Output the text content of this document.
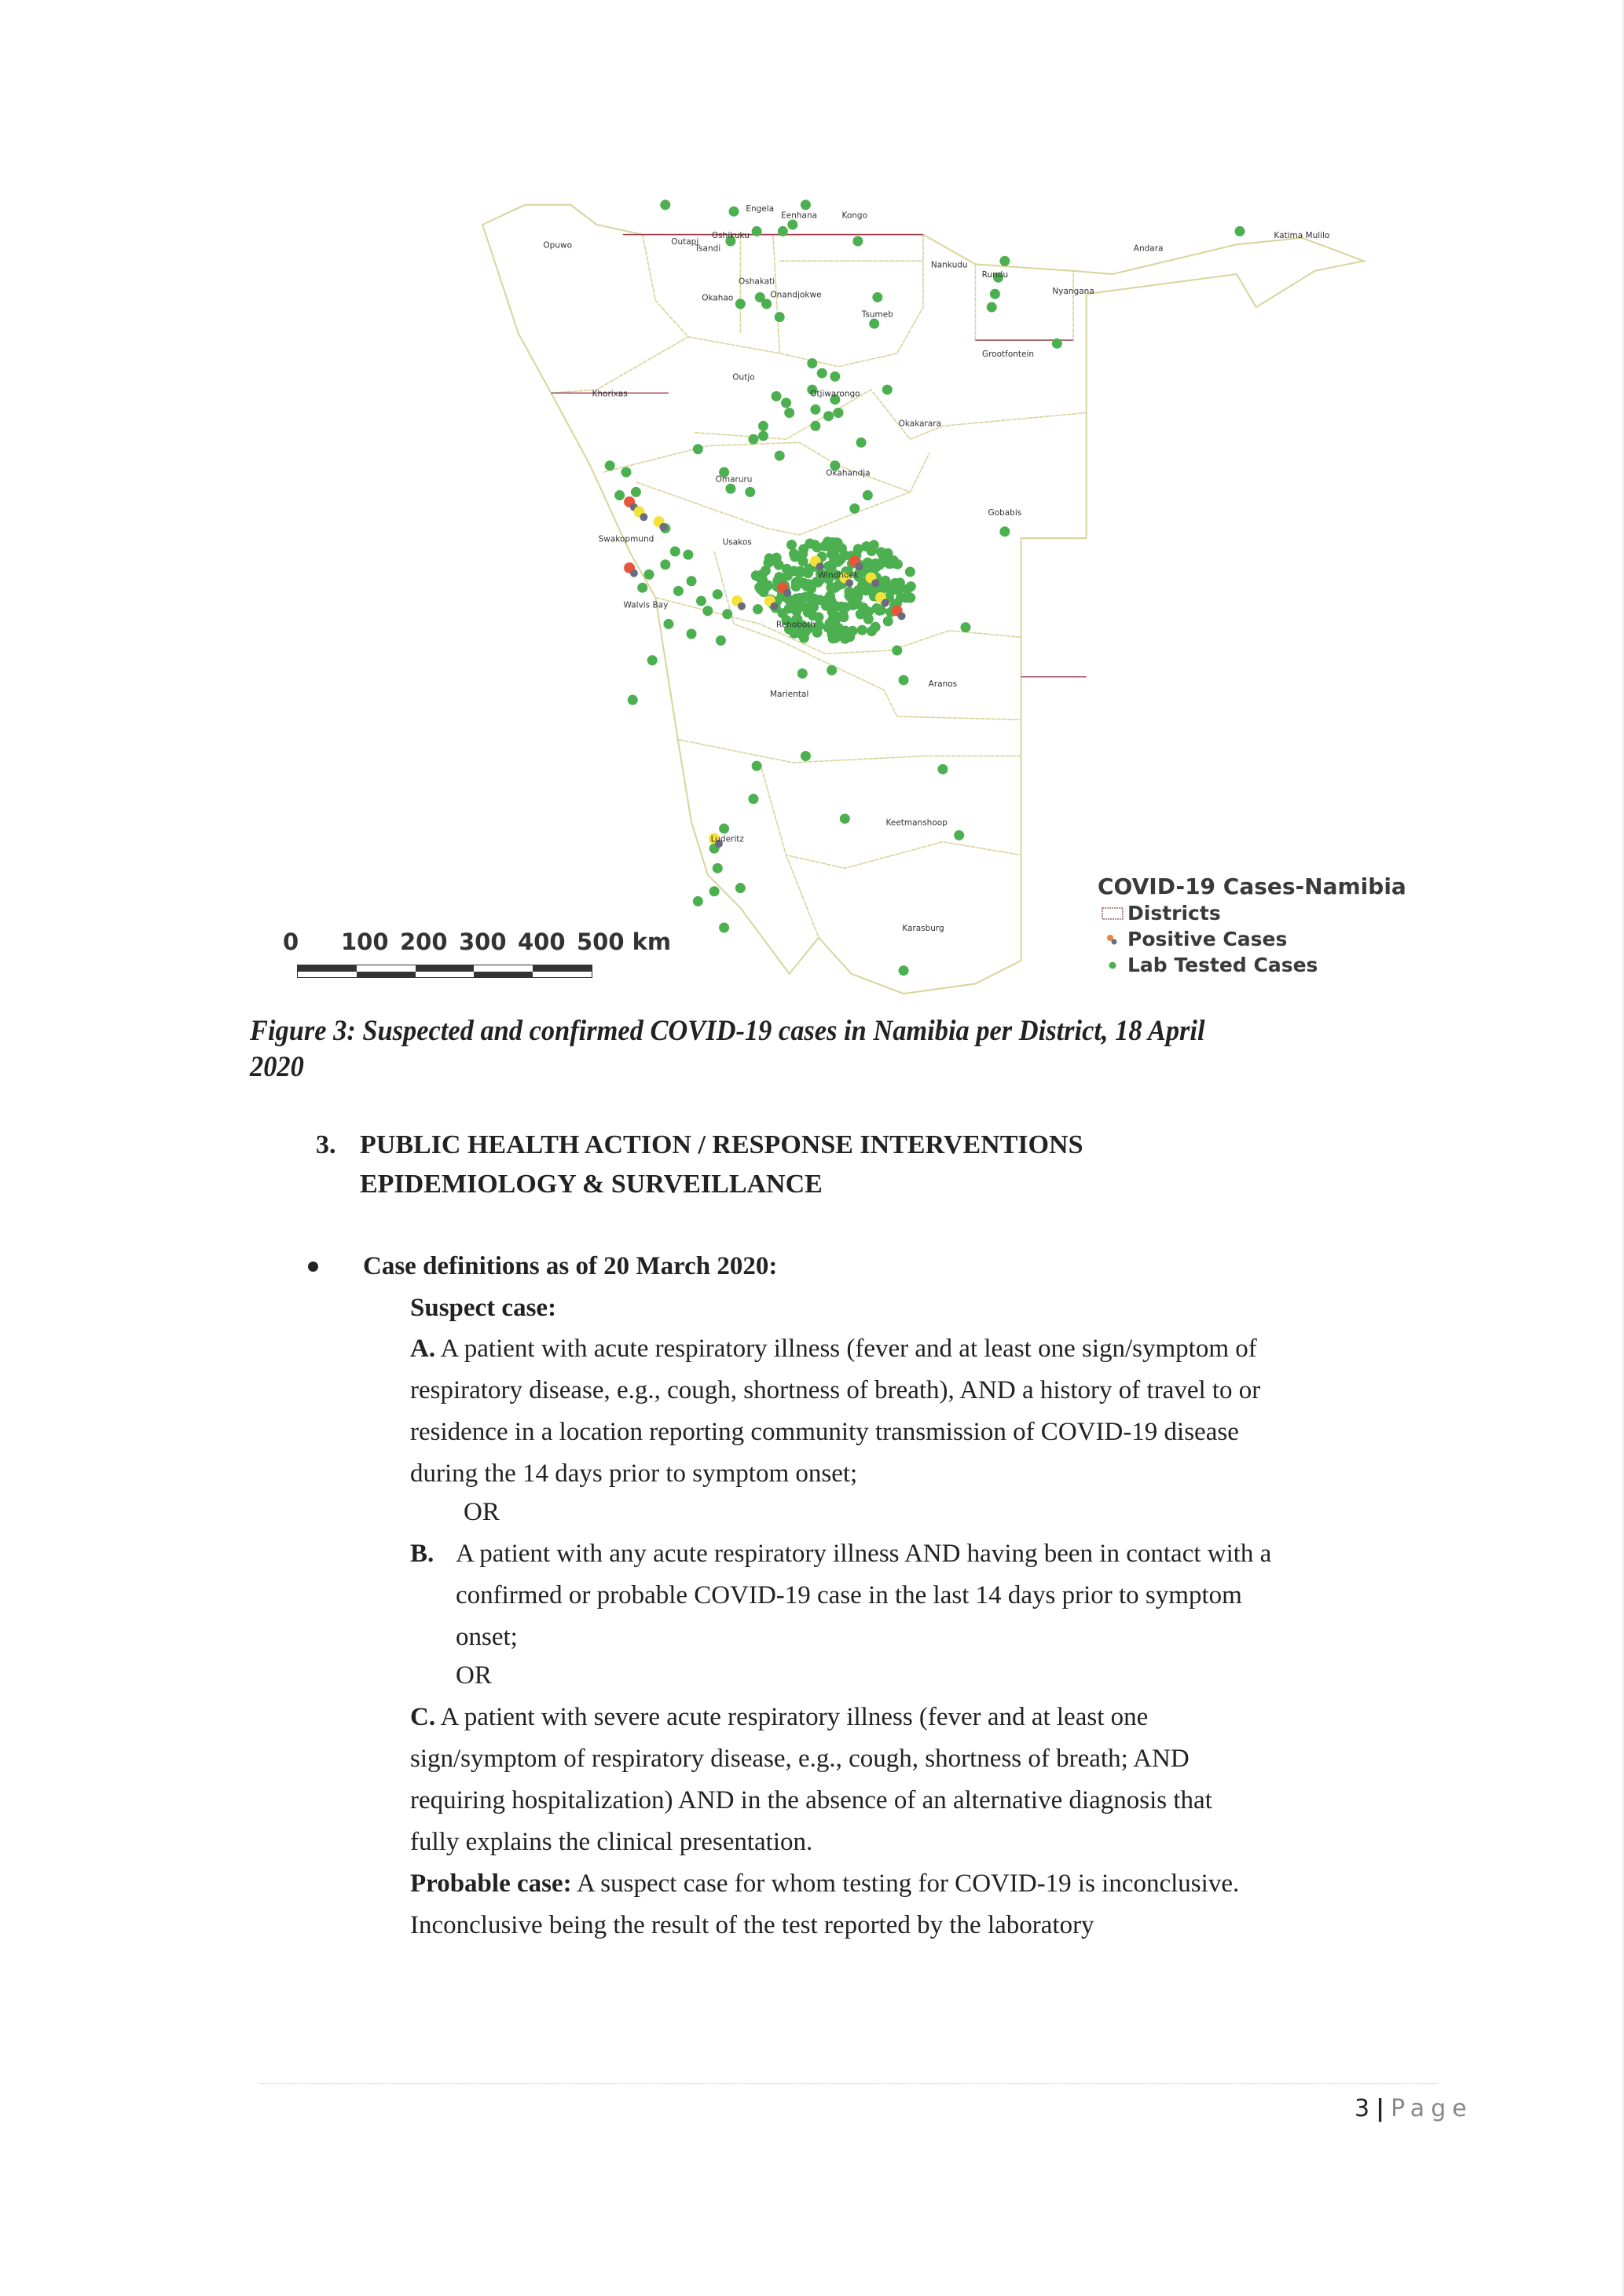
Opuwo	Outapi
Oshikuku
Tsandi
Engela
Eenhana	Kongo
Oshakati
Okahao	Onandjokwe
Tsumeb
Nankudu
Rundu
Nyangana
Andara
Katima Mulilo
Grootfontein
Khorixas
Outjo
Otjiwarongo
Okakarara
Omaruru
Okahandja
Gobabis
Swakopmund	Usakos
Windhoek
Walvis Bay
Rehoboth
Mariental
Aranos
Keetmanshoop
Luderitz
Karasburg
0 100 200 300 400 500 km
COVID-19 Cases-Namibia
Districts
Positive Cases
Lab Tested Cases
Figure 3: Suspected and confirmed COVID-19 cases in Namibia per District, 18 April
2020
3. PUBLIC HEALTH ACTION / RESPONSE INTERVENTIONS
EPIDEMIOLOGY & SURVEILLANCE
Case definitions as of 20 March 2020:
Suspect case:
A. A patient with acute respiratory illness (fever and at least one sign/symptom of
respiratory disease, e.g., cough, shortness of breath), AND a history of travel to or
residence in a location reporting community transmission of COVID-19 disease
during the 14 days prior to symptom onset;
OR
B. A patient with any acute respiratory illness AND having been in contact with a
confirmed or probable COVID-19 case in the last 14 days prior to symptom
onset;
OR
C. A patient with severe acute respiratory illness (fever and at least one
sign/symptom of respiratory disease, e.g., cough, shortness of breath; AND
requiring hospitalization) AND in the absence of an alternative diagnosis that
fully explains the clinical presentation.
Probable case: A suspect case for whom testing for COVID-19 is inconclusive.
Inconclusive being the result of the test reported by the laboratory
3 | Page
